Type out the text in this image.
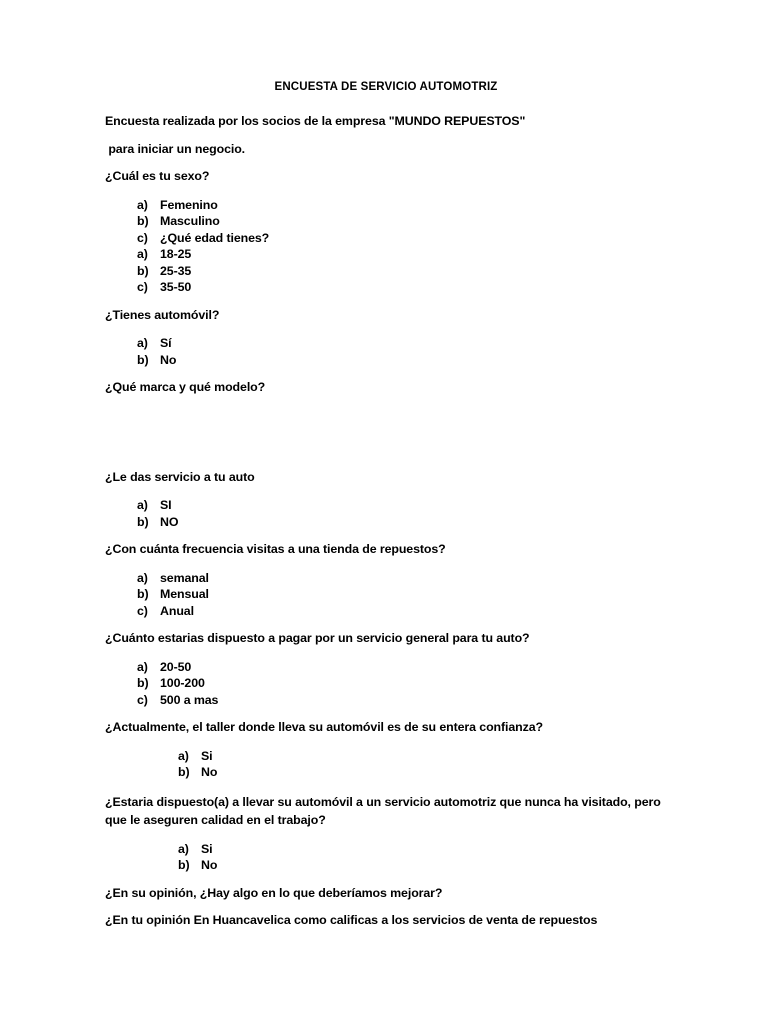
ENCUESTA DE SERVICIO AUTOMOTRIZ
Encuesta realizada por los socios de la empresa "MUNDO REPUESTOS"
para iniciar un negocio.
¿Cuál es tu sexo?
a) Femenino
b) Masculino
c) ¿Qué edad tienes?
a) 18-25
b) 25-35
c) 35-50
¿Tienes automóvil?
a) Sí
b) No
¿Qué marca y qué modelo?
¿Le das servicio a tu auto
a) SI
b) NO
¿Con cuánta frecuencia visitas a una tienda de repuestos?
a) semanal
b) Mensual
c) Anual
¿Cuánto estarias dispuesto a pagar por un servicio general para tu auto?
a) 20-50
b) 100-200
c) 500 a mas
¿Actualmente, el taller donde lleva su automóvil es de su entera confianza?
a) Si
b) No
¿Estaria dispuesto(a) a llevar su automóvil a un servicio automotriz que nunca ha visitado, pero que le aseguren calidad en el trabajo?
a) Si
b) No
¿En su opinión, ¿Hay algo en lo que deberíamos mejorar?
¿En tu opinión En Huancavelica como calificas a los servicios de venta de repuestos
